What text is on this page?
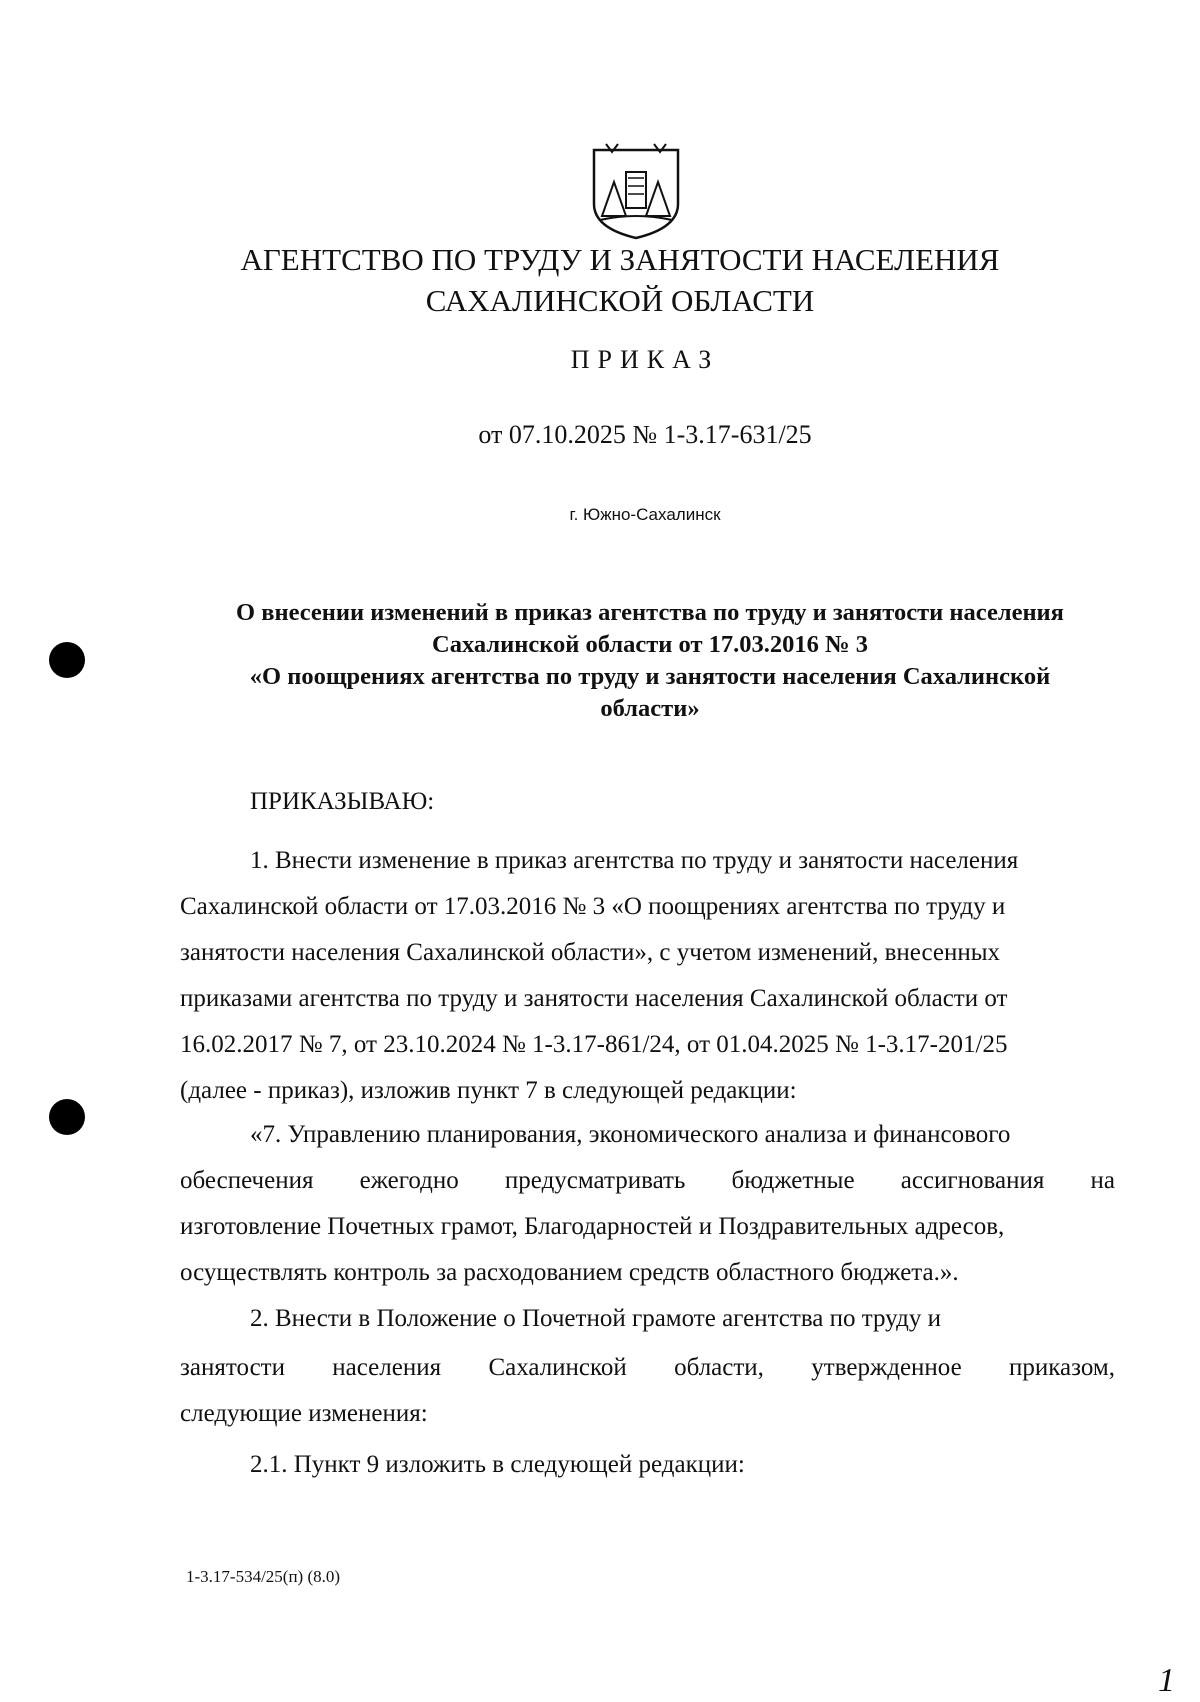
АГЕНТСТВО ПО ТРУДУ И ЗАНЯТОСТИ НАСЕЛЕНИЯ
САХАЛИНСКОЙ ОБЛАСТИ
ПРИКАЗ
от 07.10.2025 № 1-3.17-631/25
г. Южно-Сахалинск
О внесении изменений в приказ агентства по труду и занятости населения
Сахалинской области от 17.03.2016 № 3
«О поощрениях агентства по труду и занятости населения Сахалинской
области»
ПРИКАЗЫВАЮ:
1. Внести изменение в приказ агентства по труду и занятости населения
Сахалинской области от 17.03.2016 № 3 «О поощрениях агентства по труду и
занятости населения Сахалинской области», с учетом изменений, внесенных
приказами агентства по труду и занятости населения Сахалинской области от
16.02.2017 № 7, от 23.10.2024 № 1-3.17-861/24, от 01.04.2025 № 1-3.17-201/25
(далее - приказ), изложив пункт 7 в следующей редакции:
«7. Управлению планирования, экономического анализа и финансового
обеспечения ежегодно предусматривать бюджетные ассигнования на
изготовление Почетных грамот, Благодарностей и Поздравительных адресов,
осуществлять контроль за расходованием средств областного бюджета.».
2. Внести в Положение о Почетной грамоте агентства по труду и
занятости населения Сахалинской области, утвержденное приказом,
следующие изменения:
2.1. Пункт 9 изложить в следующей редакции:
1-3.17-534/25(п) (8.0)
1
